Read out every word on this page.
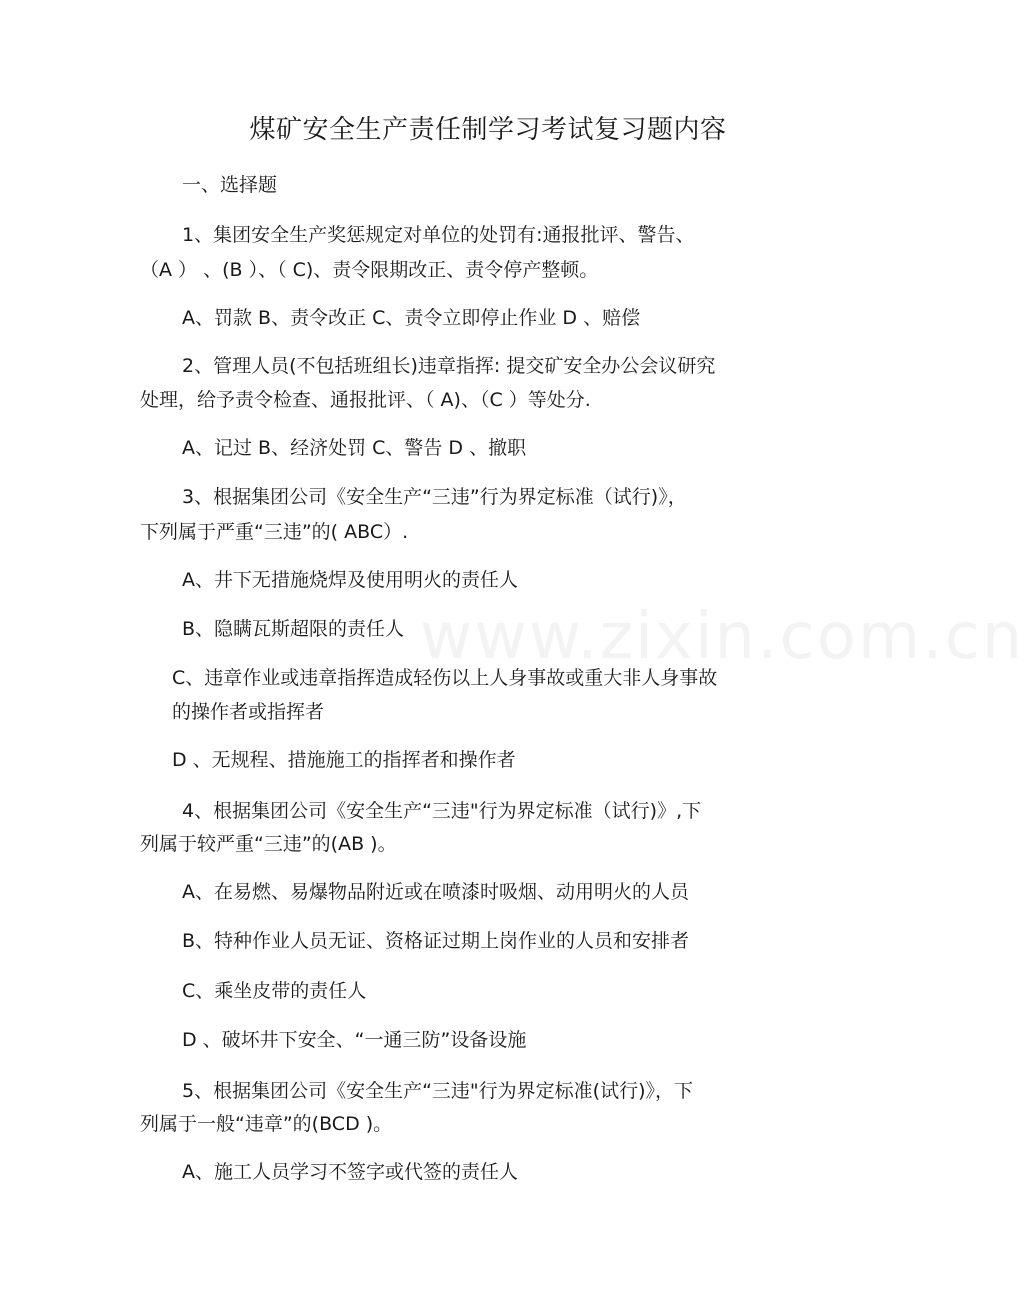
煤矿安全生产责任制学习考试复习题内容

一、选择题

1、集团安全生产奖惩规定对单位的处罚有:通报批评、警告、

（A ） 、(B ）、（ C)、责令限期改正、责令停产整顿。

A、罚款 B、责令改正 C、责令立即停止作业 D 、赔偿

2、管理人员(不包括班组长)违章指挥: 提交矿安全办公会议研究

处理，给予责令检查、通报批评、（ A)、（C ）等处分.

A、记过 B、经济处罚 C、警告 D 、撤职

3、根据集团公司《安全生产“三违”行为界定标准（试行)》，

下列属于严重“三违”的( ABC）.

A、井下无措施烧焊及使用明火的责任人

B、隐瞒瓦斯超限的责任人

C、违章作业或违章指挥造成轻伤以上人身事故或重大非人身事故

的操作者或指挥者

D 、无规程、措施施工的指挥者和操作者

4、根据集团公司《安全生产“三违"行为界定标准（试行)》,下

列属于较严重“三违”的(AB )。

A、在易燃、易爆物品附近或在喷漆时吸烟、动用明火的人员

B、特种作业人员无证、资格证过期上岗作业的人员和安排者

C、乘坐皮带的责任人

D 、破坏井下安全、“一通三防”设备设施

5、根据集团公司《安全生产“三违"行为界定标准(试行)》，下

列属于一般“违章”的(BCD )。

A、施工人员学习不签字或代签的责任人

www.zixin.com.cn
